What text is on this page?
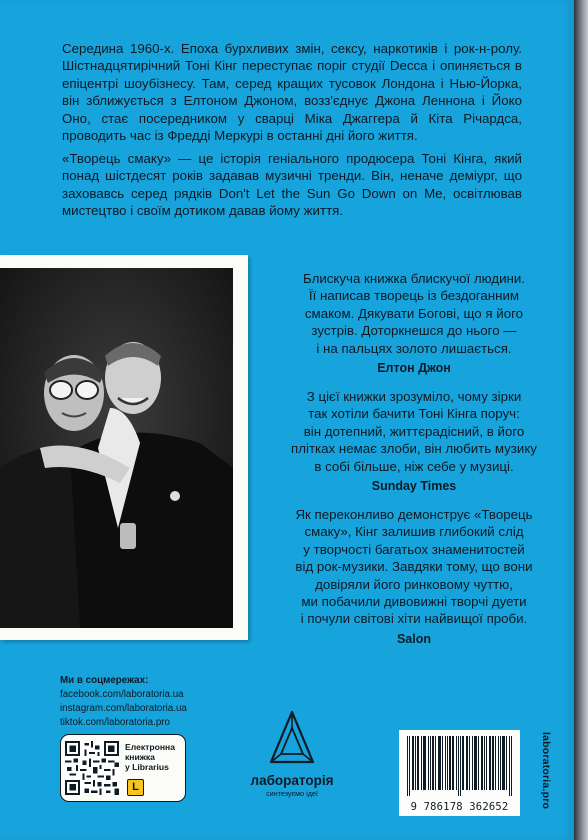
Середина 1960-х. Епоха бурхливих змін, сексу, наркотиків і рок-н-ролу. Шістнадцятирічний Тоні Кінг переступає поріг студії Decca і опиняється в епіцентрі шоубізнесу. Там, серед кращих тусовок Лондона і Нью-Йорка, він зближується з Елтоном Джоном, возз'єднує Джона Леннона і Йоко Оно, стає посередником у сварці Міка Джаггера й Кіта Річардса, проводить час із Фредді Меркурі в останні дні його життя.

«Творець смаку» — це історія геніального продюсера Тоні Кінга, який понад шістдесят років задавав музичні тренди. Він, неначе деміург, що заховавсь серед рядків Don't Let the Sun Go Down on Me, освітлював мистецтво і своїм дотиком давав йому життя.

Блискуча книжка блискучої людини.
Її написав творець із бездоганним
смаком. Дякувати Богові, що я його
зустрів. Доторкнешся до нього —
і на пальцях золото лишається.
Елтон Джон
З цієї книжки зрозуміло, чому зірки
так хотіли бачити Тоні Кінга поруч:
він дотепний, життєрадісний, в його
плітках немає злоби, він любить музику
в собі більше, ніж себе у музиці.
Sunday Times
Як переконливо демонструє «Творець
смаку», Кінг залишив глибокий слід
у творчості багатьох знаменитостей
від рок-музики. Завдяки тому, що вони
довіряли його ринковому чуттю,
ми побачили дивовижні творчі дуети
і почули світові хіти найвищої проби.
Salon
Ми в соцмережах:
facebook.com/laboratoria.ua
instagram.com/laboratoria.ua
tiktok.com/laboratoria.pro
Електронна
книжка
у Librarius
L	лабораторія
синтезуємо ідеї
9 786178 362652	laboratoria.pro
